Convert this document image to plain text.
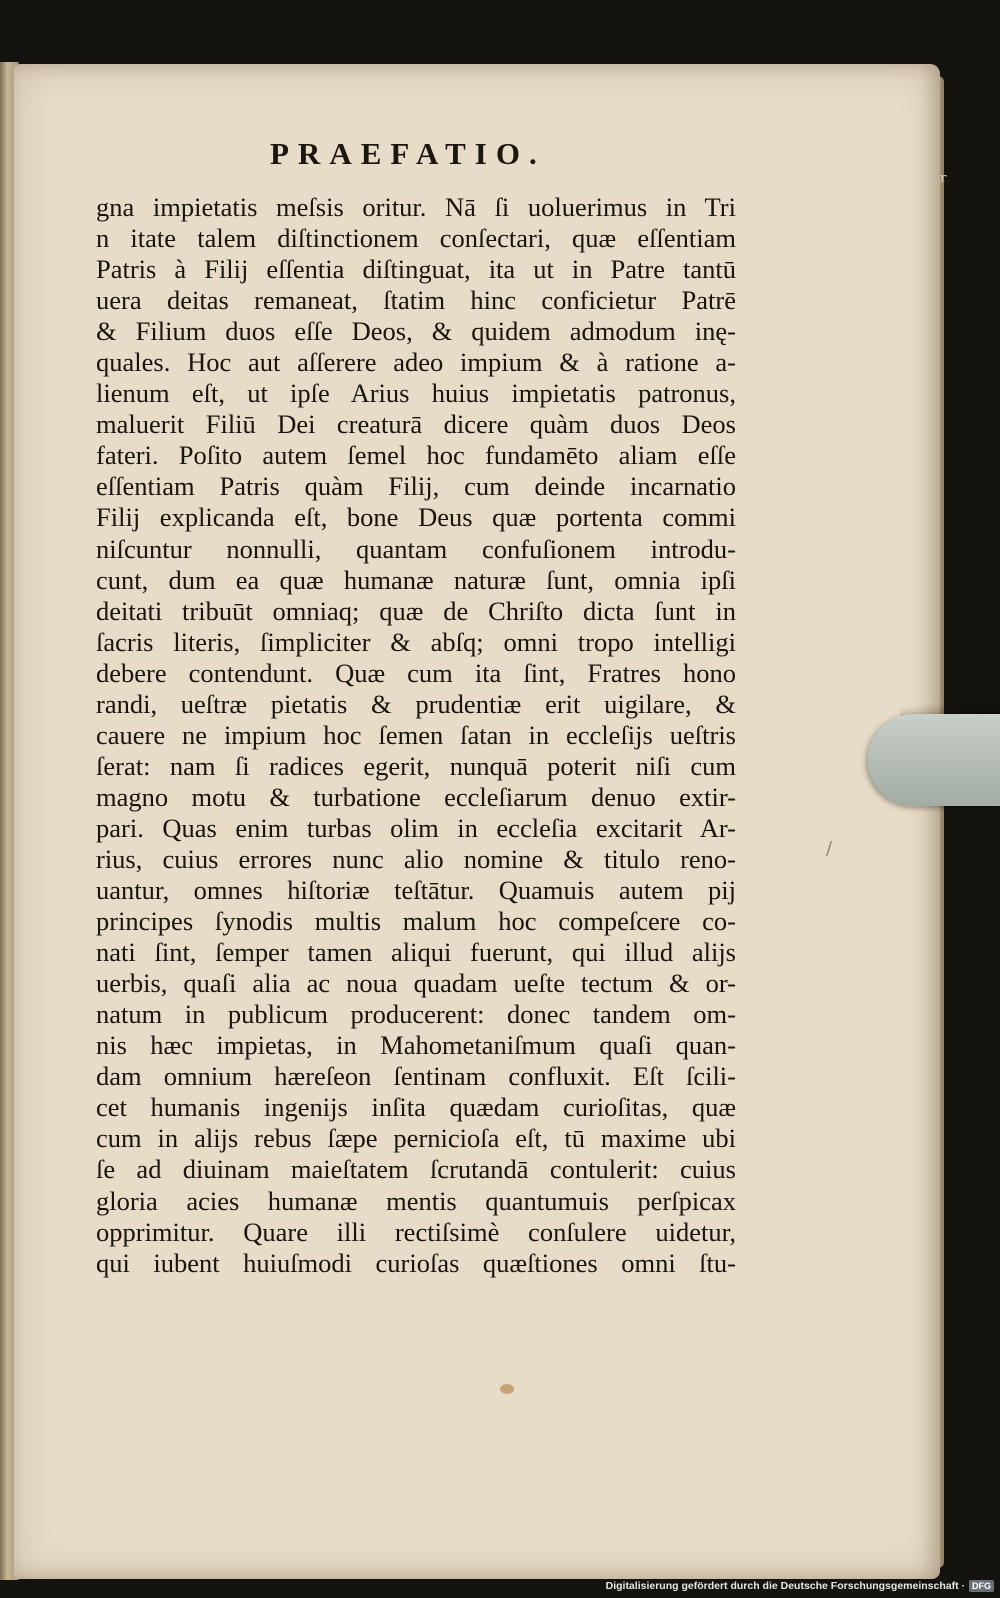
ʳ
/
PRAEFATIO.
gna impietatis meſsis oritur. Nā ſi uoluerimus in Tri
n itate talem diſtinctionem conſectari, quæ eſſentiam
Patris à Filij eſſentia diſtinguat, ita ut in Patre tantū
uera deitas remaneat, ſtatim hinc conficietur Patrē
& Filium duos eſſe Deos, & quidem admodum inę-
quales. Hoc aut aſſerere adeo impium & à ratione a-
lienum eſt, ut ipſe Arius huius impietatis patronus,
maluerit Filiū Dei creaturā dicere quàm duos Deos
fateri. Poſito autem ſemel hoc fundamēto aliam eſſe
eſſentiam Patris quàm Filij, cum deinde incarnatio
Filij explicanda eſt, bone Deus quæ portenta commi
niſcuntur nonnulli, quantam confuſionem introdu-
cunt, dum ea quæ humanæ naturæ ſunt, omnia ipſi
deitati tribuūt omniaq; quæ de Chriſto dicta ſunt in
ſacris literis, ſimpliciter & abſq; omni tropo intelligi
debere contendunt. Quæ cum ita ſint, Fratres hono
randi, ueſtræ pietatis & prudentiæ erit uigilare, &
cauere ne impium hoc ſemen ſatan in eccleſijs ueſtris
ſerat: nam ſi radices egerit, nunquā poterit niſi cum
magno motu & turbatione eccleſiarum denuo extir-
pari. Quas enim turbas olim in eccleſia excitarit Ar-
rius, cuius errores nunc alio nomine & titulo reno-
uantur, omnes hiſtoriæ teſtātur. Quamuis autem pij
principes ſynodis multis malum hoc compeſcere co-
nati ſint, ſemper tamen aliqui fuerunt, qui illud alijs
uerbis, quaſi alia ac noua quadam ueſte tectum & or-
natum in publicum producerent: donec tandem om-
nis hæc impietas, in Mahometaniſmum quaſi quan-
dam omnium hæreſeon ſentinam confluxit. Eſt ſcili-
cet humanis ingenijs inſita quædam curioſitas, quæ
cum in alijs rebus ſæpe pernicioſa eſt, tū maxime ubi
ſe ad diuinam maieſtatem ſcrutandā contulerit: cuius
gloria acies humanæ mentis quantumuis perſpicax
opprimitur. Quare illi rectiſsimè conſulere uidetur,
qui iubent huiuſmodi curioſas quæſtiones omni ſtu-
Digitalisierung gefördert durch die Deutsche Forschungsgemeinschaft · DFG
